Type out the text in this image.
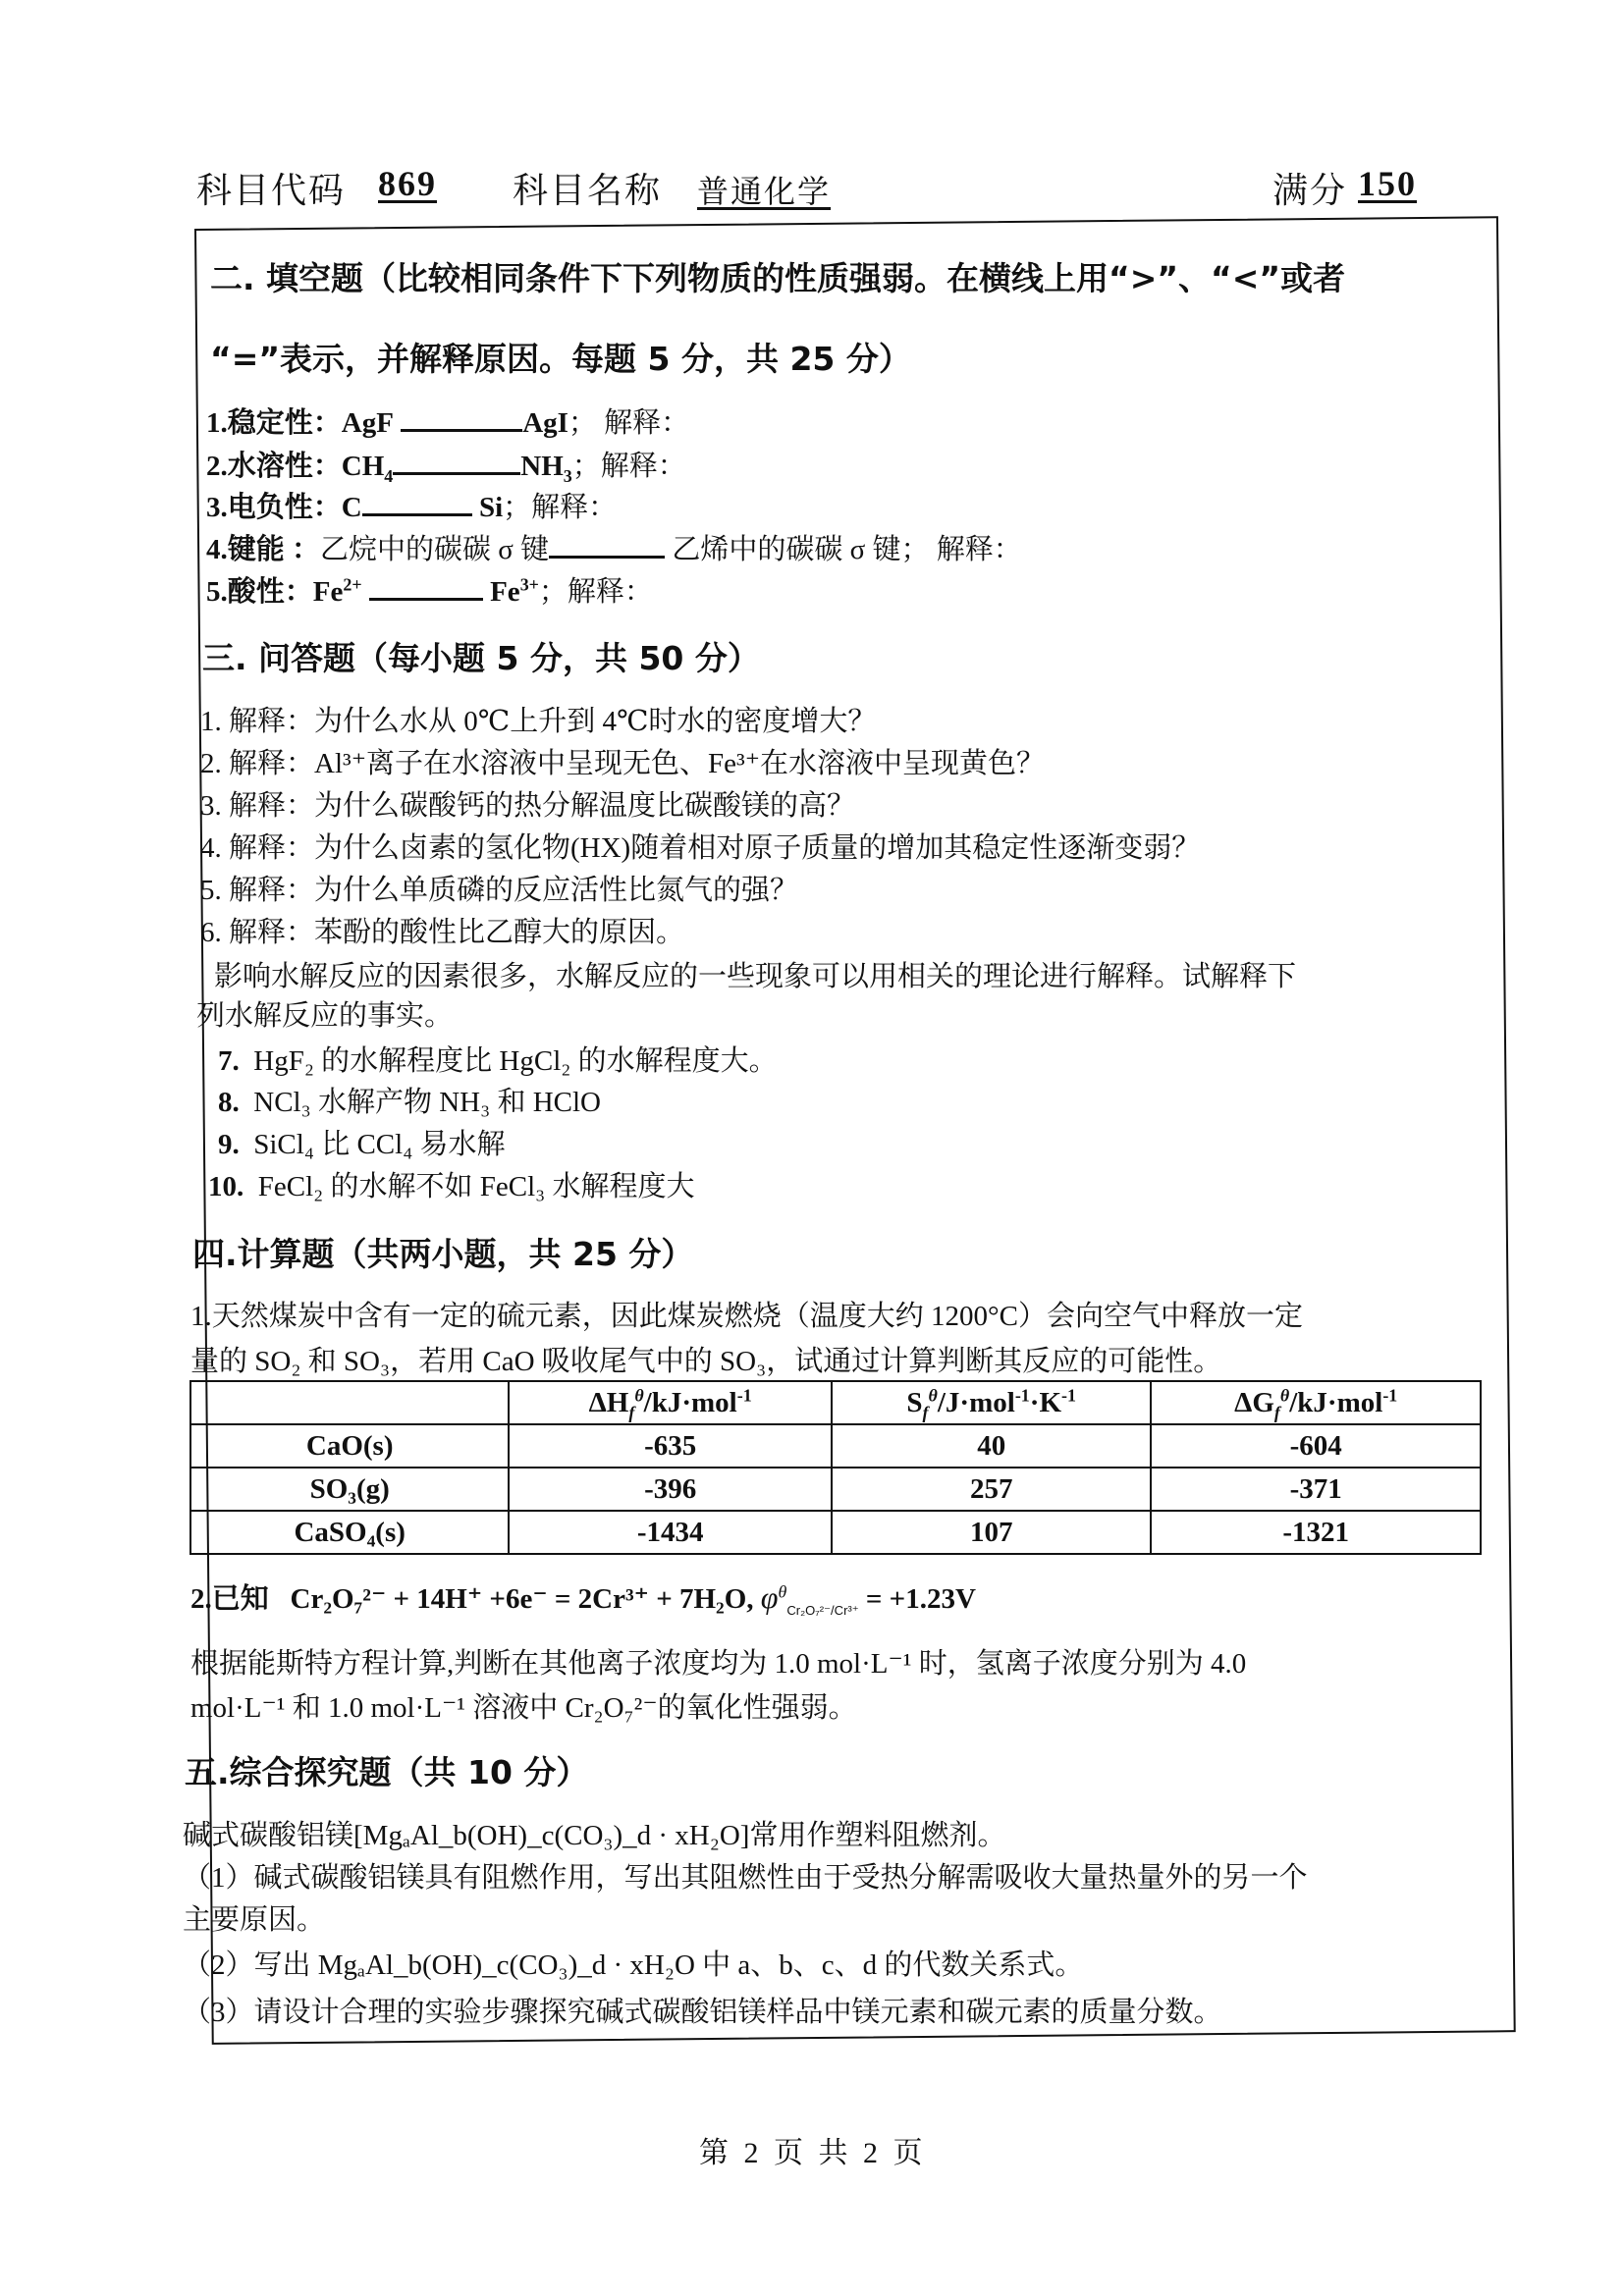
科目代码 869 科目名称 普通化学	满分 150
二. 填空题（比较相同条件下下列物质的性质强弱。在横线上用“>”、“<”或者
“=”表示，并解释原因。每题 5 分，共 25 分）
1.稳定性：AgF	AgI； 解释：
2.水溶性：$CH_4$	$NH_3$；解释：
3.电负性：C	Si；解释：
4.键能 ：乙烷中的碳碳 σ 键	乙烯中的碳碳 σ 键； 解释：
5.酸性：$Fe^{2+}$	$Fe^{3+}$；解释：
三. 问答题（每小题 5 分，共 50 分）
1. 解释：为什么水从 0℃上升到 4℃时水的密度增大？
2. 解释：Al³⁺离子在水溶液中呈现无色、Fe³⁺在水溶液中呈现黄色？
3. 解释：为什么碳酸钙的热分解温度比碳酸镁的高？
4. 解释：为什么卤素的氢化物(HX)随着相对原子质量的增加其稳定性逐渐变弱？
5. 解释：为什么单质磷的反应活性比氮气的强？
6. 解释：苯酚的酸性比乙醇大的原因。
影响水解反应的因素很多，水解反应的一些现象可以用相关的理论进行解释。试解释下
列水解反应的事实。
7. HgF₂ 的水解程度比 HgCl₂ 的水解程度大。
8. NCl₃ 水解产物 NH₃ 和 HClO
9. SiCl₄ 比 CCl₄ 易水解
10. FeCl₂ 的水解不如 FeCl₃ 水解程度大
四.计算题（共两小题，共 25 分）
1.天然煤炭中含有一定的硫元素，因此煤炭燃烧（温度大约 1200°C）会向空气中释放一定
量的 SO₂ 和 SO₃，若用 CaO 吸收尾气中的 SO₃，试通过计算判断其反应的可能性。
	$\Delta H_f^\theta/kJ\cdot mol^{-1}$	$S_f^\theta/J\cdot mol^{-1}\cdot K^{-1}$	$\Delta G_f^\theta/kJ\cdot mol^{-1}$
CaO(s)	-635	40	-604
SO₃(g)	-396	257	-371
CaSO₄(s)	-1434	107	-1321
2.已知 Cr₂O₇²⁻ + 14H⁺ +6e⁻ = 2Cr³⁺ + 7H₂O, $\varphi^\theta_{Cr_2O_7^{2-}/Cr^{3+}} = +1.23V$
根据能斯特方程计算,判断在其他离子浓度均为 1.0 mol·L⁻¹ 时，氢离子浓度分别为 4.0
mol·L⁻¹ 和 1.0 mol·L⁻¹ 溶液中 Cr₂O₇²⁻的氧化性强弱。
五.综合探究题（共 10 分）
碱式碳酸铝镁[MgₐAl_b(OH)_c(CO₃)_d · xH₂O]常用作塑料阻燃剂。
（1）碱式碳酸铝镁具有阻燃作用，写出其阻燃性由于受热分解需吸收大量热量外的另一个
主要原因。
（2）写出 MgₐAl_b(OH)_c(CO₃)_d · xH₂O 中 a、b、c、d 的代数关系式。
（3）请设计合理的实验步骤探究碱式碳酸铝镁样品中镁元素和碳元素的质量分数。
第 2 页 共 2 页
